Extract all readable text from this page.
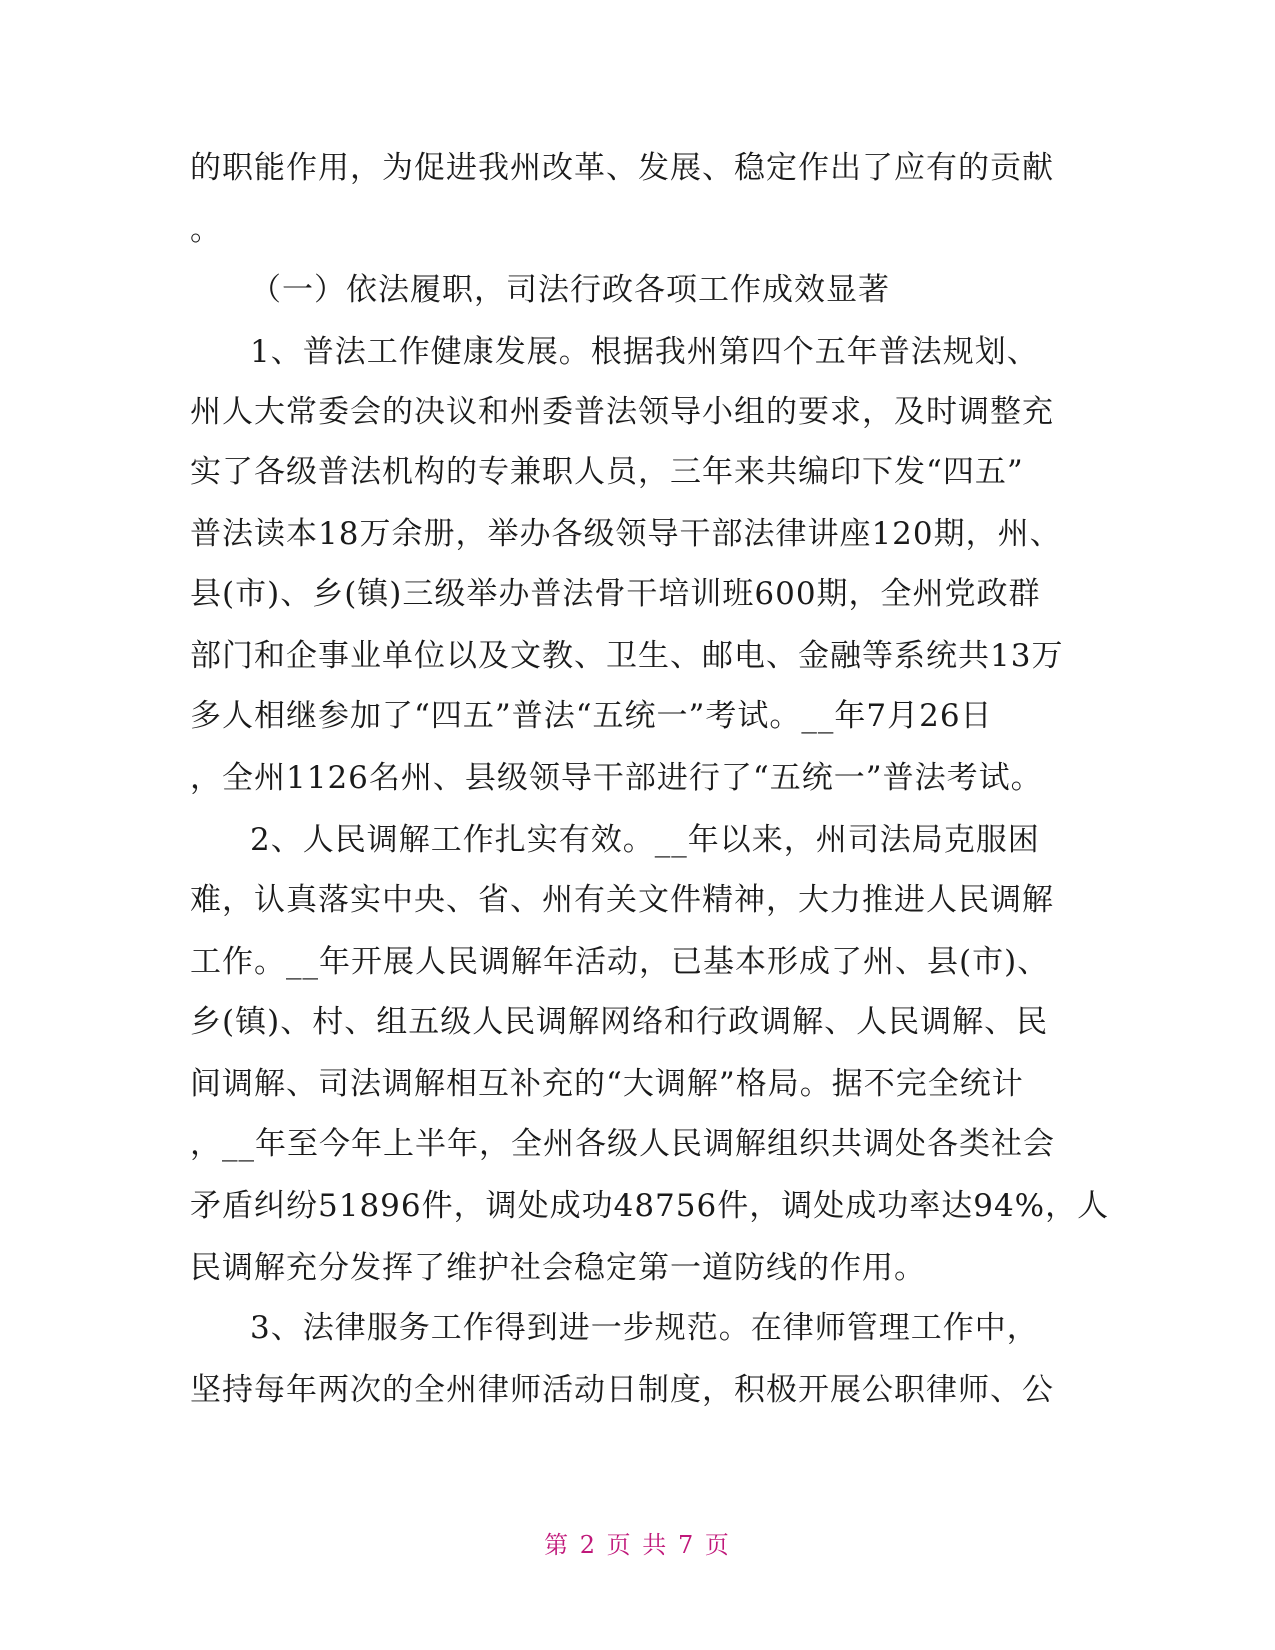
的职能作用，为促进我州改革、发展、稳定作出了应有的贡献
。
（一）依法履职，司法行政各项工作成效显著
1、普法工作健康发展。根据我州第四个五年普法规划、
州人大常委会的决议和州委普法领导小组的要求，及时调整充
实了各级普法机构的专兼职人员，三年来共编印下发“四五”
普法读本18万余册，举办各级领导干部法律讲座120期，州、
县(市)、乡(镇)三级举办普法骨干培训班600期，全州党政群
部门和企事业单位以及文教、卫生、邮电、金融等系统共13万
多人相继参加了“四五”普法“五统一”考试。__年7月26日
，全州1126名州、县级领导干部进行了“五统一”普法考试。
2、人民调解工作扎实有效。__年以来，州司法局克服困
难，认真落实中央、省、州有关文件精神，大力推进人民调解
工作。__年开展人民调解年活动，已基本形成了州、县(市)、
乡(镇)、村、组五级人民调解网络和行政调解、人民调解、民
间调解、司法调解相互补充的“大调解”格局。据不完全统计
，__年至今年上半年，全州各级人民调解组织共调处各类社会
矛盾纠纷51896件，调处成功48756件，调处成功率达94%，人
民调解充分发挥了维护社会稳定第一道防线的作用。
3、法律服务工作得到进一步规范。在律师管理工作中，
坚持每年两次的全州律师活动日制度，积极开展公职律师、公
第 2 页 共 7 页
